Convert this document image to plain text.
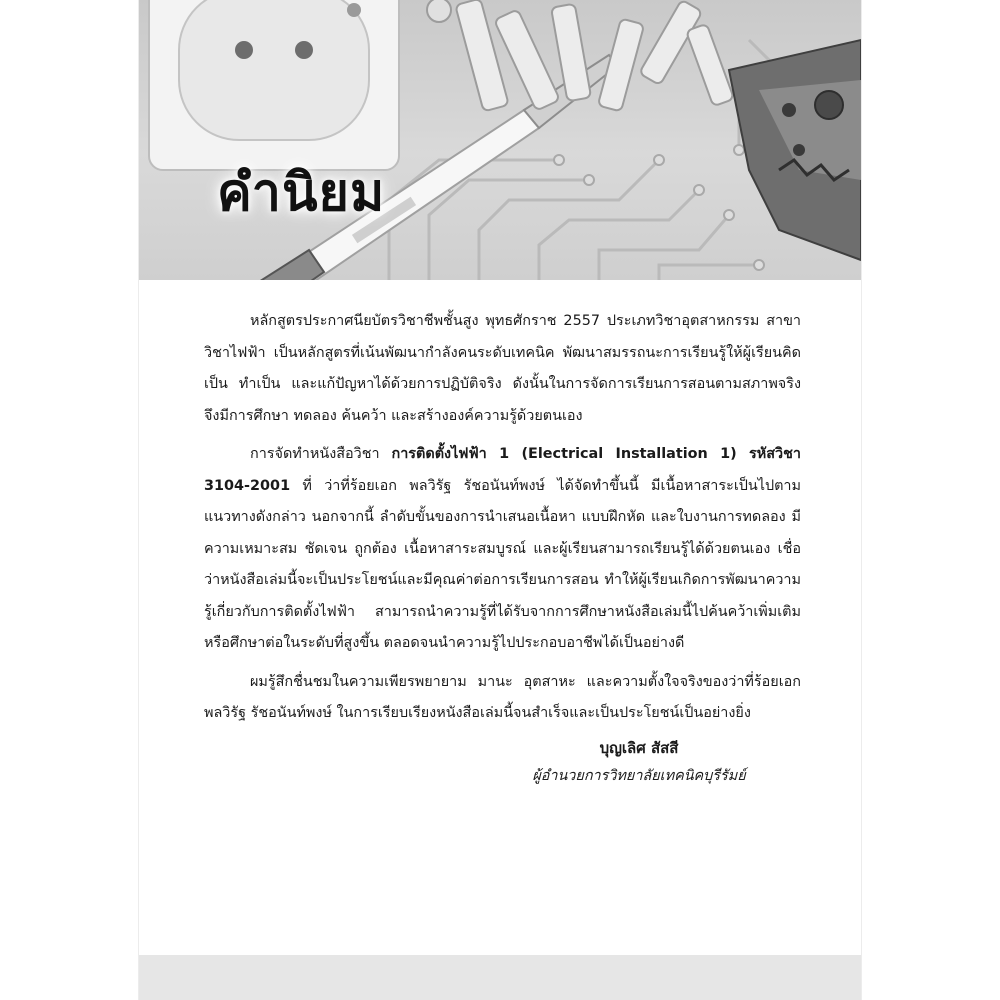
คำนิยม

หลักสูตรประกาศนียบัตรวิชาชีพชั้นสูง พุทธศักราช 2557 ประเภทวิชาอุตสาหกรรม สาขาวิชาไฟฟ้า เป็นหลักสูตรที่เน้นพัฒนากำลังคนระดับเทคนิค พัฒนาสมรรถนะการเรียนรู้ให้ผู้เรียนคิดเป็น ทำเป็น และแก้ปัญหาได้ด้วยการปฏิบัติจริง ดังนั้นในการจัดการเรียนการสอนตามสภาพจริง จึงมีการศึกษา ทดลอง ค้นคว้า และสร้างองค์ความรู้ด้วยตนเอง

การจัดทำหนังสือวิชา การติดตั้งไฟฟ้า 1 (Electrical Installation 1) รหัสวิชา 3104-2001 ที่ ว่าที่ร้อยเอก พลวิรัฐ รัชอนันท์พงษ์ ได้จัดทำขึ้นนี้ มีเนื้อหาสาระเป็นไปตามแนวทางดังกล่าว นอกจากนี้ ลำดับขั้นของการนำเสนอเนื้อหา แบบฝึกหัด และใบงานการทดลอง มีความเหมาะสม ชัดเจน ถูกต้อง เนื้อหาสาระสมบูรณ์ และผู้เรียนสามารถเรียนรู้ได้ด้วยตนเอง เชื่อว่าหนังสือเล่มนี้จะเป็นประโยชน์และมีคุณค่าต่อการเรียนการสอน ทำให้ผู้เรียนเกิดการพัฒนาความรู้เกี่ยวกับการติดตั้งไฟฟ้า สามารถนำความรู้ที่ได้รับจากการศึกษาหนังสือเล่มนี้ไปค้นคว้าเพิ่มเติมหรือศึกษาต่อในระดับที่สูงขึ้น ตลอดจนนำความรู้ไปประกอบอาชีพได้เป็นอย่างดี

ผมรู้สึกชื่นชมในความเพียรพยายาม มานะ อุตสาหะ และความตั้งใจจริงของว่าที่ร้อยเอก พลวิรัฐ รัชอนันท์พงษ์ ในการเรียบเรียงหนังสือเล่มนี้จนสำเร็จและเป็นประโยชน์เป็นอย่างยิ่ง

บุญเลิศ สัสสี
ผู้อำนวยการวิทยาลัยเทคนิคบุรีรัมย์
